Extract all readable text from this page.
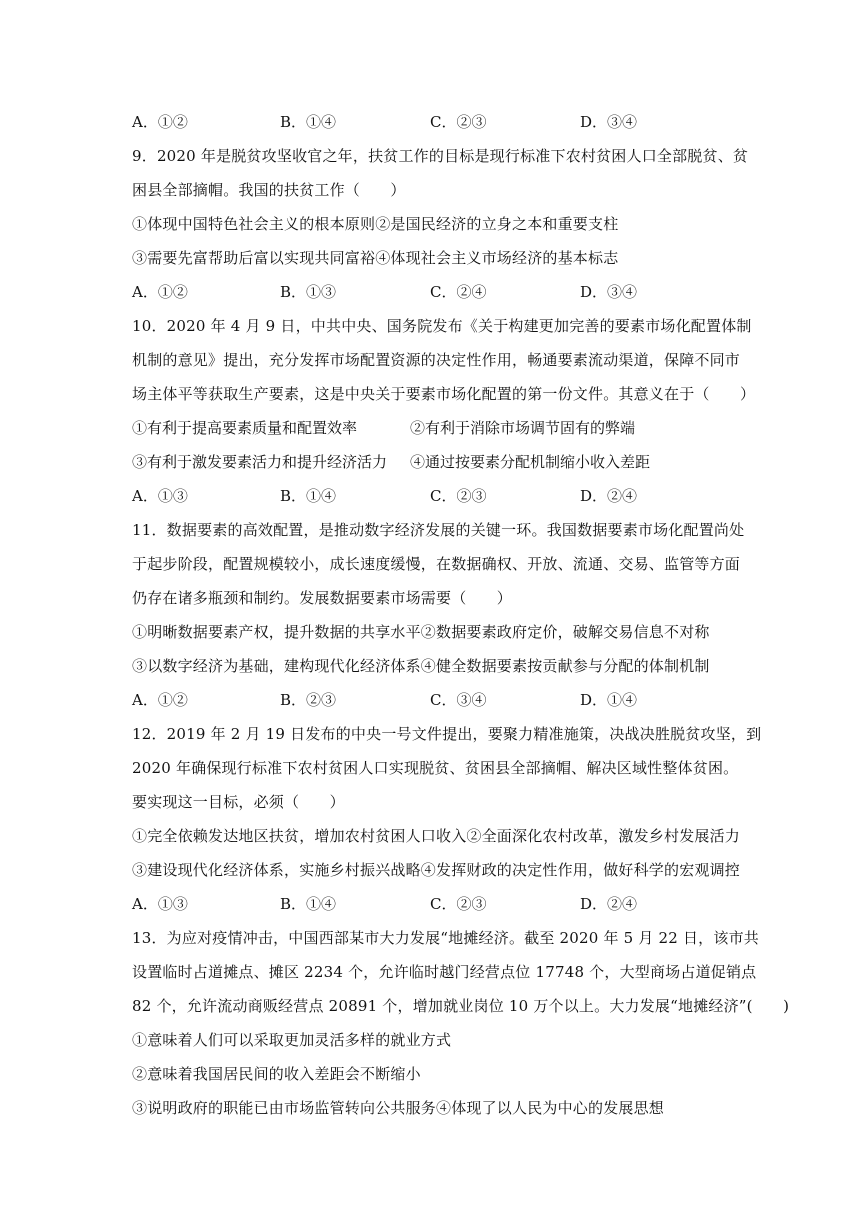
A．①②	B．①④	C．②③	D．③④
9．2020 年是脱贫攻坚收官之年，扶贫工作的目标是现行标准下农村贫困人口全部脱贫、贫
困县全部摘帽。我国的扶贫工作（　　）
①体现中国特色社会主义的根本原则②是国民经济的立身之本和重要支柱
③需要先富帮助后富以实现共同富裕④体现社会主义市场经济的基本标志
A．①②	B．①③	C．②④	D．③④
10．2020 年 4 月 9 日，中共中央、国务院发布《关于构建更加完善的要素市场化配置体制
机制的意见》提出，充分发挥市场配置资源的决定性作用，畅通要素流动渠道，保障不同市
场主体平等获取生产要素，这是中央关于要素市场化配置的第一份文件。其意义在于（　　）
①有利于提高要素质量和配置效率	②有利于消除市场调节固有的弊端
③有利于激发要素活力和提升经济活力 ④通过按要素分配机制缩小收入差距
A．①③	B．①④	C．②③	D．②④
11．数据要素的高效配置，是推动数字经济发展的关键一环。我国数据要素市场化配置尚处
于起步阶段，配置规模较小，成长速度缓慢，在数据确权、开放、流通、交易、监管等方面
仍存在诸多瓶颈和制约。发展数据要素市场需要（　　）
①明晰数据要素产权，提升数据的共享水平②数据要素政府定价，破解交易信息不对称
③以数字经济为基础，建构现代化经济体系④健全数据要素按贡献参与分配的体制机制
A．①②	B．②③	C．③④	D．①④
12．2019 年 2 月 19 日发布的中央一号文件提出，要聚力精准施策，决战决胜脱贫攻坚，到
2020 年确保现行标准下农村贫困人口实现脱贫、贫困县全部摘帽、解决区域性整体贫困。
要实现这一目标，必须（　　）
①完全依赖发达地区扶贫，增加农村贫困人口收入②全面深化农村改革，激发乡村发展活力
③建设现代化经济体系，实施乡村振兴战略④发挥财政的决定性作用，做好科学的宏观调控
A．①③	B．①④	C．②③	D．②④
13．为应对疫情冲击，中国西部某市大力发展“地摊经济。截至 2020 年 5 月 22 日，该市共
设置临时占道摊点、摊区 2234 个，允许临时越门经营点位 17748 个，大型商场占道促销点
82 个，允许流动商贩经营点 20891 个，增加就业岗位 10 万个以上。大力发展“地摊经济”(　　)
①意味着人们可以采取更加灵活多样的就业方式
②意味着我国居民间的收入差距会不断缩小
③说明政府的职能已由市场监管转向公共服务④体现了以人民为中心的发展思想
